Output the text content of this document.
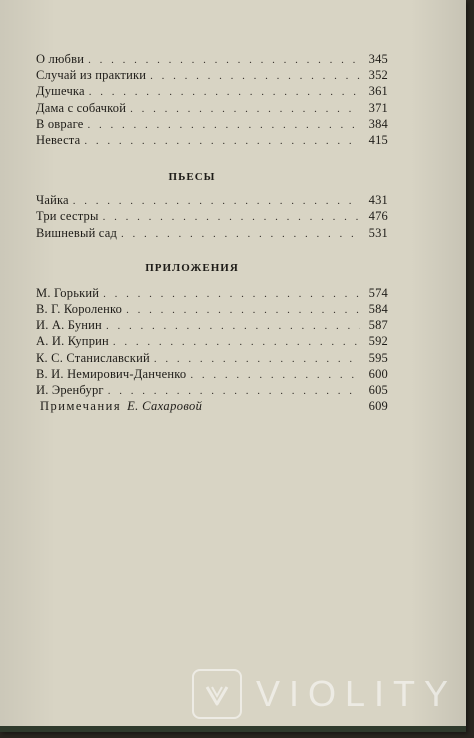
О любви . . .	345
Случай из практики . . .	352
Душечка . . .	361
Дама с собачкой . . .	371
В овраге . . .	384
Невеста . . .	415
ПЬЕСЫ
Чайка . . .	431
Три сестры . . .	476
Вишневый сад . . .	531
ПРИЛОЖЕНИЯ
М. Горький . . .	574
В. Г. Короленко . . .	584
И. А. Бунин . . .	587
А. И. Куприн . . .	592
К. С. Станиславский . . .	595
В. И. Немирович-Данченко . . .	600
И. Эренбург . . .	605
Примечания Е. Сахаровой	609
VIOLITY
